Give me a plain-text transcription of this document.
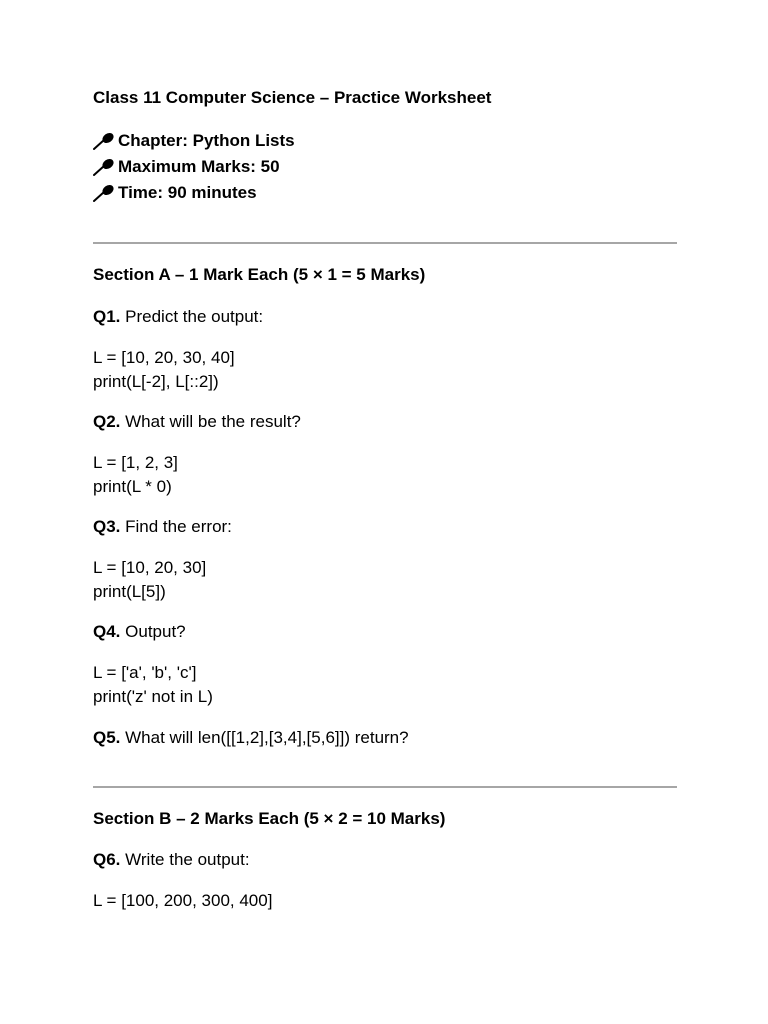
Class 11 Computer Science – Practice Worksheet
Chapter: Python Lists
Maximum Marks: 50
Time: 90 minutes
Section A – 1 Mark Each (5 × 1 = 5 Marks)
Q1. Predict the output:
L = [10, 20, 30, 40]
print(L[-2], L[::2])
Q2. What will be the result?
L = [1, 2, 3]
print(L * 0)
Q3. Find the error:
L = [10, 20, 30]
print(L[5])
Q4. Output?
L = ['a', 'b', 'c']
print('z' not in L)
Q5. What will len([[1,2],[3,4],[5,6]]) return?
Section B – 2 Marks Each (5 × 2 = 10 Marks)
Q6. Write the output:
L = [100, 200, 300, 400]
